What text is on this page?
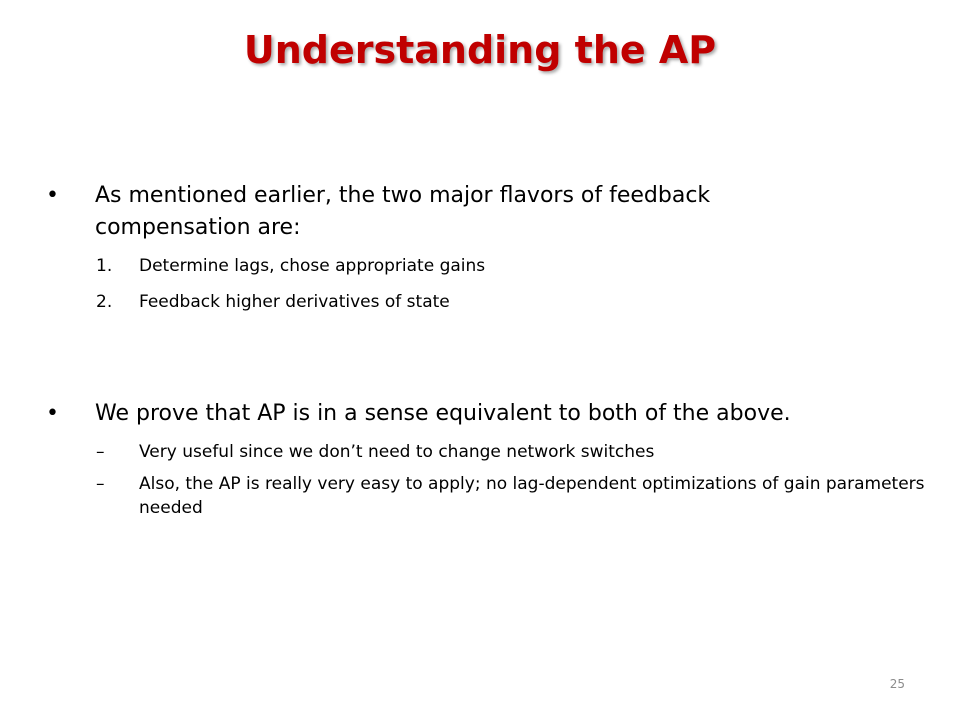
Understanding the AP
• As mentioned earlier, the two major flavors of feedback compensation are:
1. Determine lags, chose appropriate gains
2. Feedback higher derivatives of state
• We prove that AP is in a sense equivalent to both of the above.
– Very useful since we don’t need to change network switches
– Also, the AP is really very easy to apply; no lag-dependent optimizations of gain parameters needed
25
